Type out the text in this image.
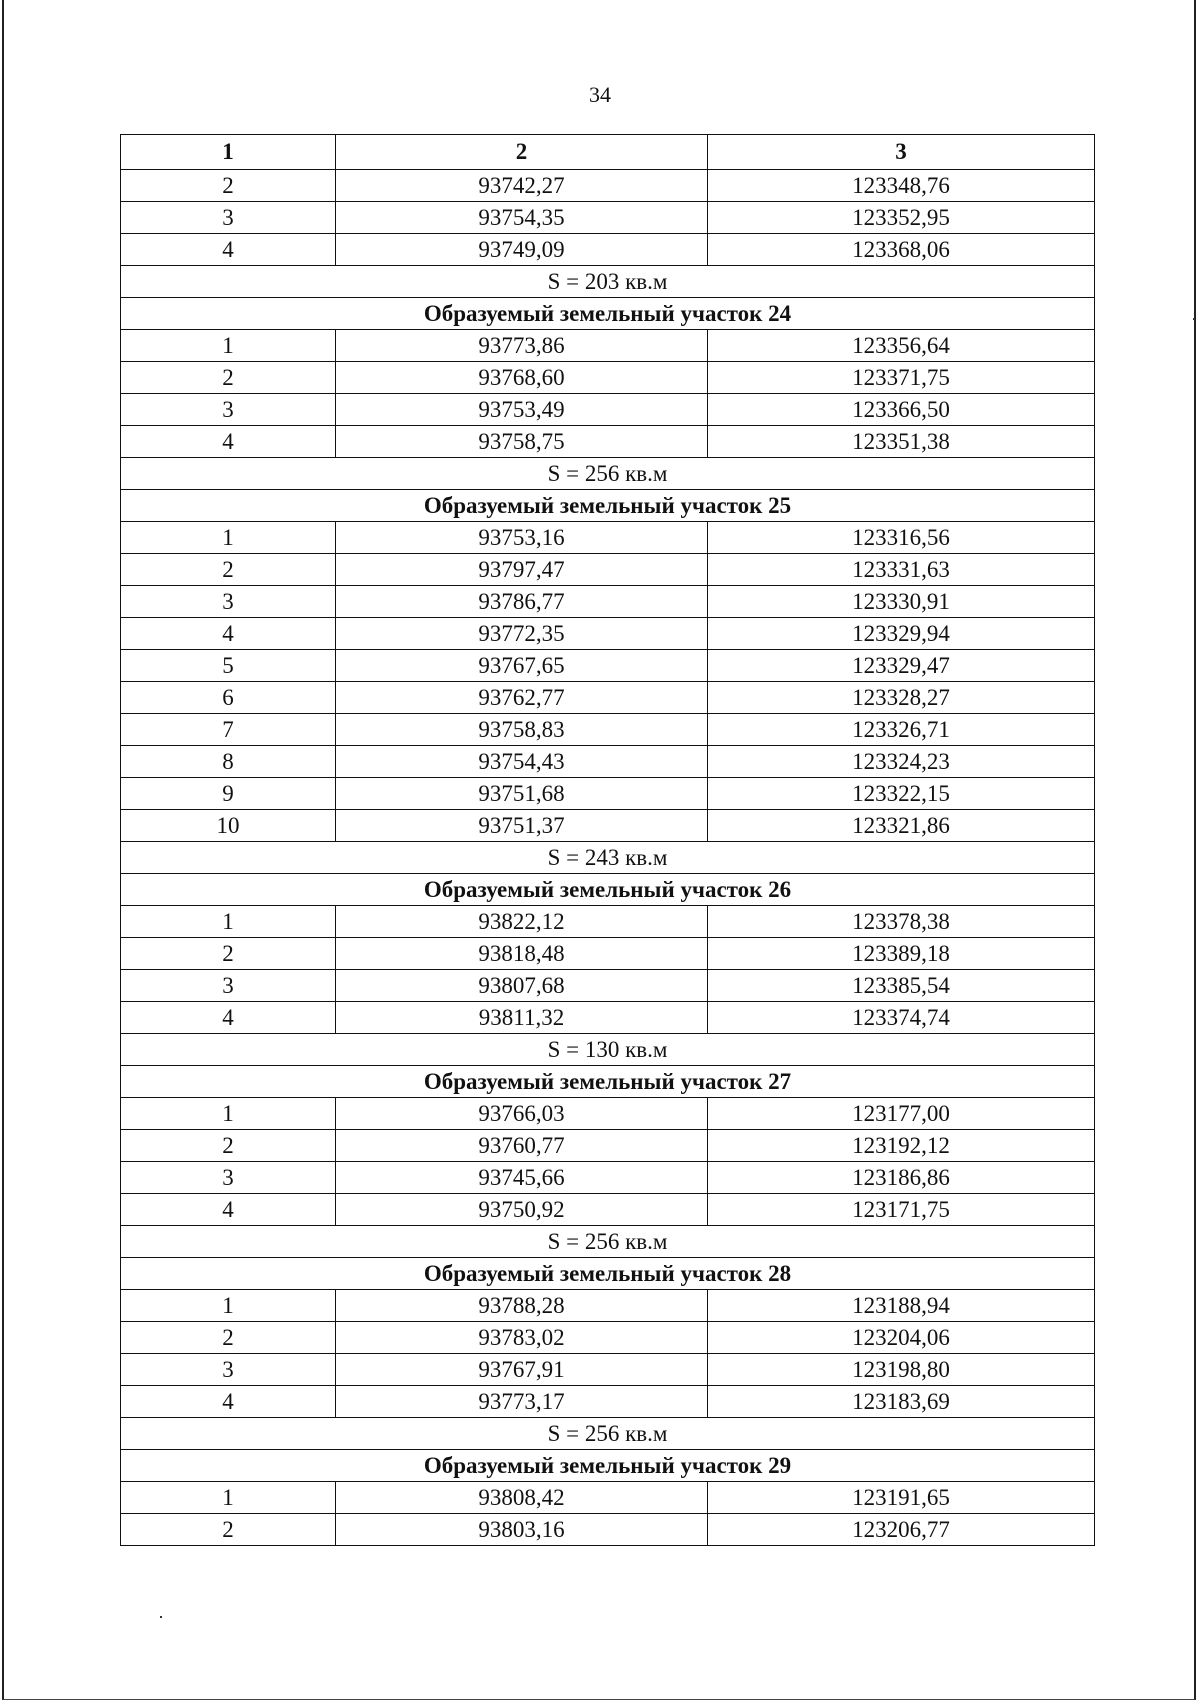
34
1	2	3
2	93742,27	123348,76
3	93754,35	123352,95
4	93749,09	123368,06
S = 203 кв.м		
Образуемый земельный участок 24		
1	93773,86	123356,64
2	93768,60	123371,75
3	93753,49	123366,50
4	93758,75	123351,38
S = 256 кв.м		
Образуемый земельный участок 25		
1	93753,16	123316,56
2	93797,47	123331,63
3	93786,77	123330,91
4	93772,35	123329,94
5	93767,65	123329,47
6	93762,77	123328,27
7	93758,83	123326,71
8	93754,43	123324,23
9	93751,68	123322,15
10	93751,37	123321,86
S = 243 кв.м		
Образуемый земельный участок 26		
1	93822,12	123378,38
2	93818,48	123389,18
3	93807,68	123385,54
4	93811,32	123374,74
S = 130 кв.м		
Образуемый земельный участок 27		
1	93766,03	123177,00
2	93760,77	123192,12
3	93745,66	123186,86
4	93750,92	123171,75
S = 256 кв.м		
Образуемый земельный участок 28		
1	93788,28	123188,94
2	93783,02	123204,06
3	93767,91	123198,80
4	93773,17	123183,69
S = 256 кв.м		
Образуемый земельный участок 29		
1	93808,42	123191,65
2	93803,16	123206,77
